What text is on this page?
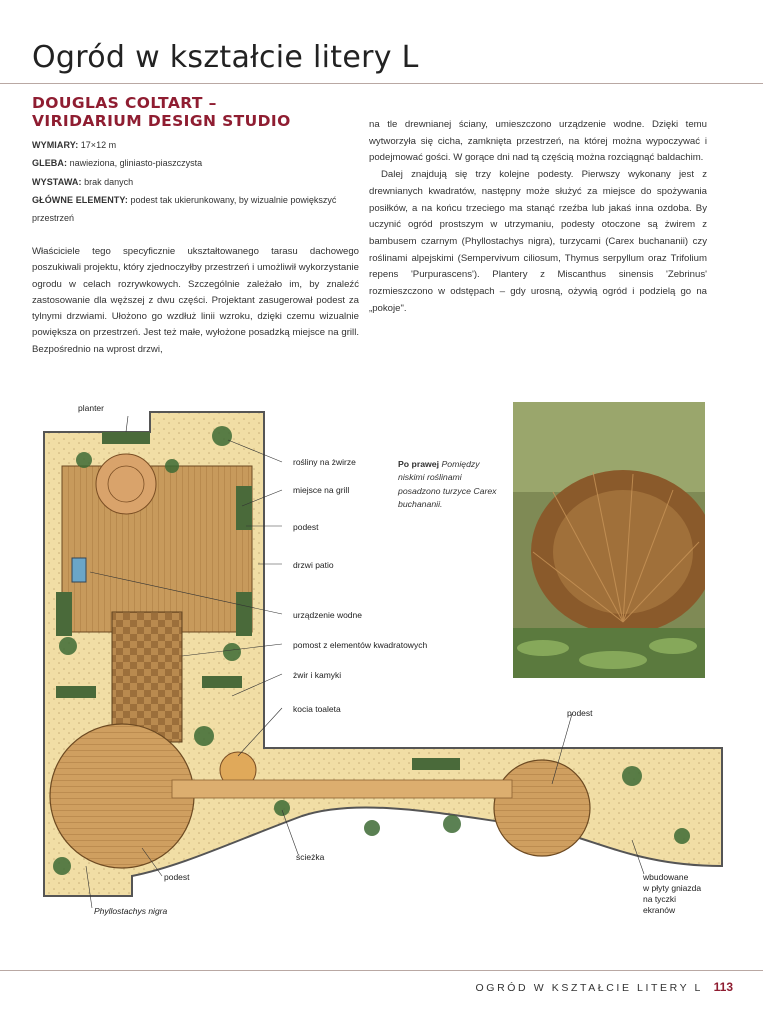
Ogród w kształcie litery L
DOUGLAS COLTART –
VIRIDARIUM DESIGN STUDIO
WYMIARY: 17×12 m
GLEBA: nawieziona, gliniasto-piaszczysta
WYSTAWA: brak danych
GŁÓWNE ELEMENTY: podest tak ukierunkowany, by wizualnie powiększyć przestrzeń

Właściciele tego specyficznie ukształtowanego tarasu dachowego poszukiwali projektu, który zjednoczyłby przestrzeń i umożliwił wykorzystanie ogrodu w celach rozrywkowych. Szczególnie zależało im, by znaleźć zastosowanie dla węższej z dwu części. Projektant zasugerował podest za tylnymi drzwiami. Ułożono go wzdłuż linii wzroku, dzięki czemu wizualnie powiększa on przestrzeń. Jest też małe, wyłożone posadzką miejsce na grill. Bezpośrednio na wprost drzwi,

na tle drewnianej ściany, umieszczono urządzenie wodne. Dzięki temu wytworzyła się cicha, zamknięta przestrzeń, na której można wypoczywać i podejmować gości. W gorące dni nad tą częścią można rozciągnąć baldachim.

Dalej znajdują się trzy kolejne podesty. Pierwszy wykonany jest z drewnianych kwadratów, następny może służyć za miejsce do spożywania posiłków, a na końcu trzeciego ma stanąć rzeźba lub jakaś inna ozdoba. By uczynić ogród prostszym w utrzymaniu, podesty otoczone są żwirem z bambusem czarnym (Phyllostachys nigra), turzycami (Carex buchananii) czy roślinami alpejskimi (Sempervivum ciliosum, Thymus serpyllum oraz Trifolium repens 'Purpurascens'). Plantery z Miscanthus sinensis 'Zebrinus' rozmieszczono w odstępach – gdy urosną, ożywią ogród i podzielą go na „pokoje".

planter
rośliny na żwirze
miejsce na grill
podest
drzwi patio
urządzenie wodne
pomost z elementów kwadratowych
żwir i kamyki
kocia toaleta
ścieżka
podest
Phyllostachys nigra
podest
wbudowane
w płyty gniazda
na tyczki
ekranów
Po prawej Pomiędzy niskimi roślinami posadzono turzyce Carex buchananii.
OGRÓD W KSZTAŁCIE LITERY L 113
